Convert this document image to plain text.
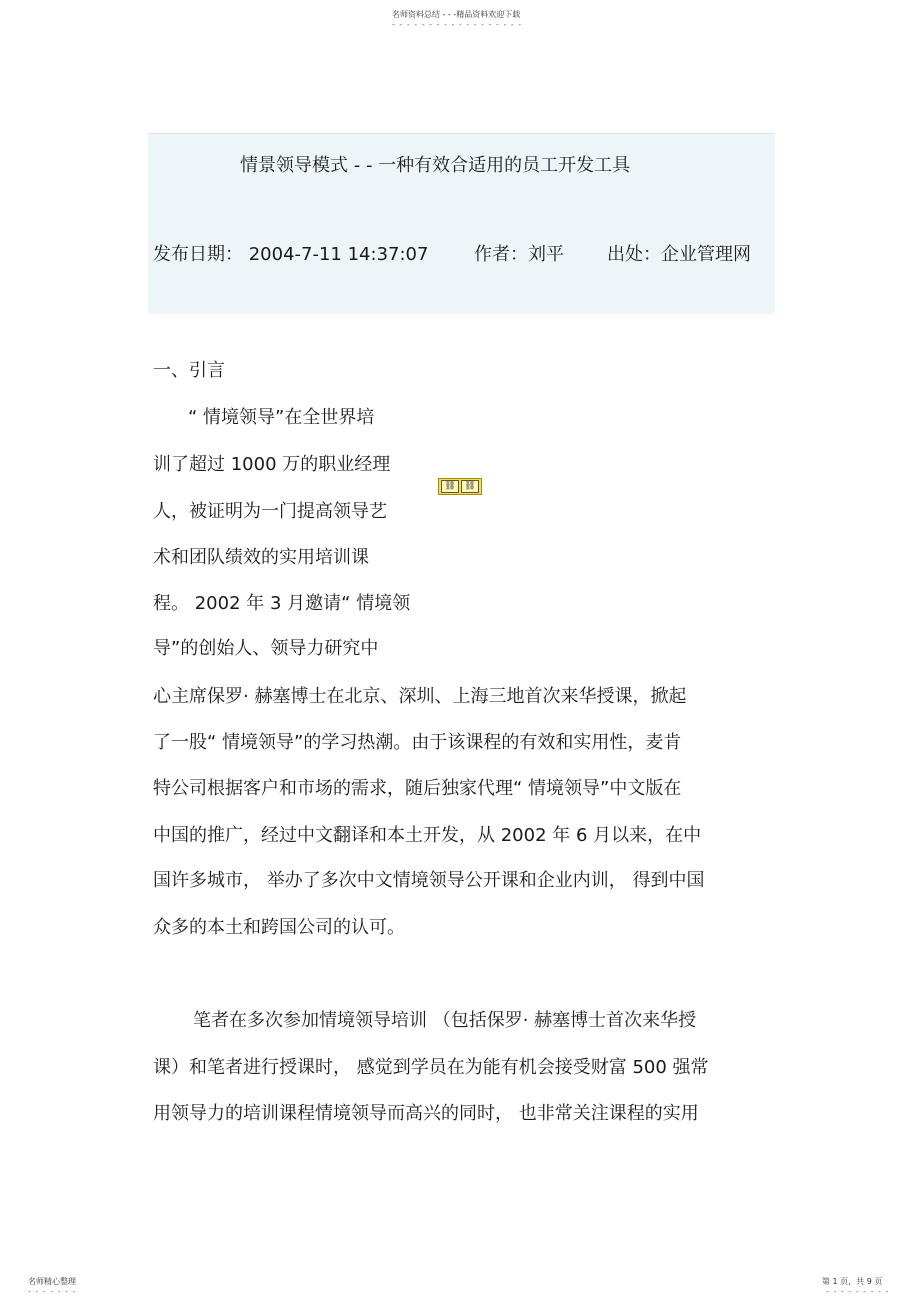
名师资料总结 - - -精品资料欢迎下载
- - - - - - - - - - - - - - - - - -
情景领导模式 - - 一种有效合适用的员工开发工具
发布日期： 2004-7-11 14:37:07	作者：刘平 出处：企业管理网
一、引言
“ 情境领导”在全世界培
训了超过 1000 万的职业经理
人，被证明为一门提高领导艺
术和团队绩效的实用培训课
程。 2002 年 3 月邀请“ 情境领
导”的创始人、领导力研究中
心主席保罗· 赫塞博士在北京、深圳、上海三地首次来华授课，掀起
了一股“ 情境领导”的学习热潮。由于该课程的有效和实用性，麦肯
特公司根据客户和市场的需求，随后独家代理“ 情境领导”中文版在
中国的推广，经过中文翻译和本土开发，从 2002 年 6 月以来，在中
国许多城市， 举办了多次中文情境领导公开课和企业内训， 得到中国
众多的本土和跨国公司的认可。
笔者在多次参加情境领导培训 （包括保罗· 赫塞博士首次来华授
课）和笔者进行授课时， 感觉到学员在为能有机会接受财富 500 强常
用领导力的培训课程情境领导而高兴的同时， 也非常关注课程的实用
⛓ ⛓
名师精心整理
- - - - - - -
第 1 页，共 9 页
- - - - - - - - -
